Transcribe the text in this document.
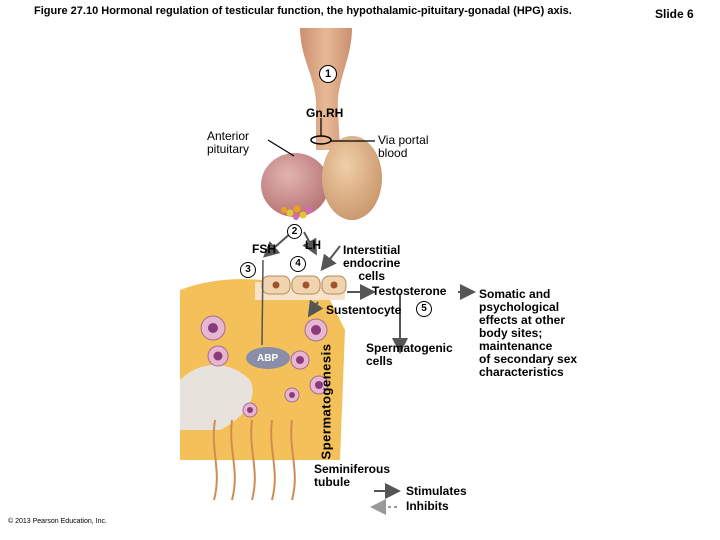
Figure 27.10 Hormonal regulation of testicular function, the hypothalamic-pituitary-gonadal (HPG) axis.	Slide 6
1
2
3
4
5
Gn.RH
Anterior
pituitary
Via portal
blood
FSH LH Interstitial
endocrine
cells
Testosterone
Sustentocyte
Spermatogenic
cells
ABP
Somatic and
psychological
effects at other
body sites;
maintenance
of secondary sex
characteristics
Seminiferous
tubule
Spermatogenesis
Stimulates
Inhibits
© 2013 Pearson Education, Inc.
